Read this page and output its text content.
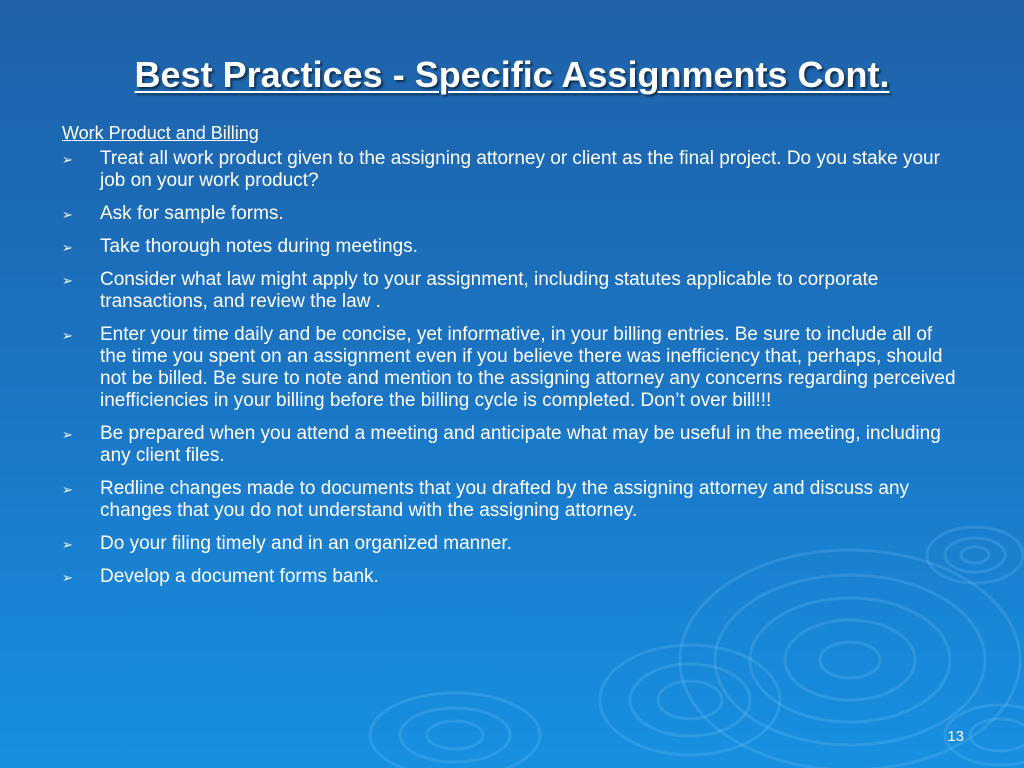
Best Practices - Specific Assignments Cont.
Work Product and Billing
➢ Treat all work product given to the assigning attorney or client as the final project. Do you stake your job on your work product?
➢ Ask for sample forms.
➢ Take thorough notes during meetings.
➢ Consider what law might apply to your assignment, including statutes applicable to corporate transactions, and review the law .
➢ Enter your time daily and be concise, yet informative, in your billing entries. Be sure to include all of the time you spent on an assignment even if you believe there was inefficiency that, perhaps, should not be billed. Be sure to note and mention to the assigning attorney any concerns regarding perceived inefficiencies in your billing before the billing cycle is completed. Don’t over bill!!!
➢ Be prepared when you attend a meeting and anticipate what may be useful in the meeting, including any client files.
➢ Redline changes made to documents that you drafted by the assigning attorney and discuss any changes that you do not understand with the assigning attorney.
➢ Do your filing timely and in an organized manner.
➢ Develop a document forms bank.
13
